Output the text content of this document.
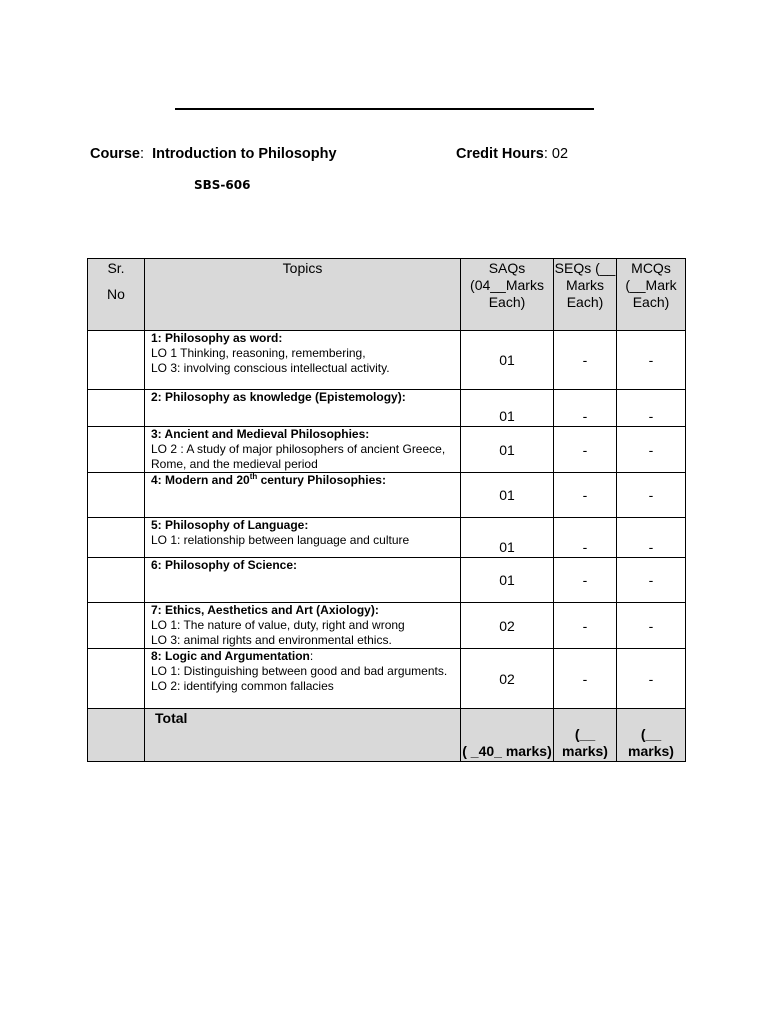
Course: Introduction to Philosophy	Credit Hours: 02
SBS-606
Sr.
No	Topics	SAQs (04__Marks Each)	SEQs (__ Marks Each)	MCQs (__Mark Each)

	1: Philosophy as word:
LO 1 Thinking, reasoning, remembering,
LO 3: involving conscious intellectual activity.	01	-	-

	2: Philosophy as knowledge (Epistemology):	01	-	-

	3: Ancient and Medieval Philosophies:
LO 2 : A study of major philosophers of ancient Greece, Rome, and the medieval period	01	-	-

	4: Modern and 20th century Philosophies:	01	-	-

	5: Philosophy of Language:
LO 1: relationship between language and culture	01	-	-

	6: Philosophy of Science:	01	-	-

	7: Ethics, Aesthetics and Art (Axiology):
LO 1: The nature of value, duty, right and wrong
LO 3: animal rights and environmental ethics.	02	-	-

	8: Logic and Argumentation:
LO 1: Distinguishing between good and bad arguments.
LO 2: identifying common fallacies	02	-	-
	Total	( _40_ marks)	(__ marks)	(__ marks)
